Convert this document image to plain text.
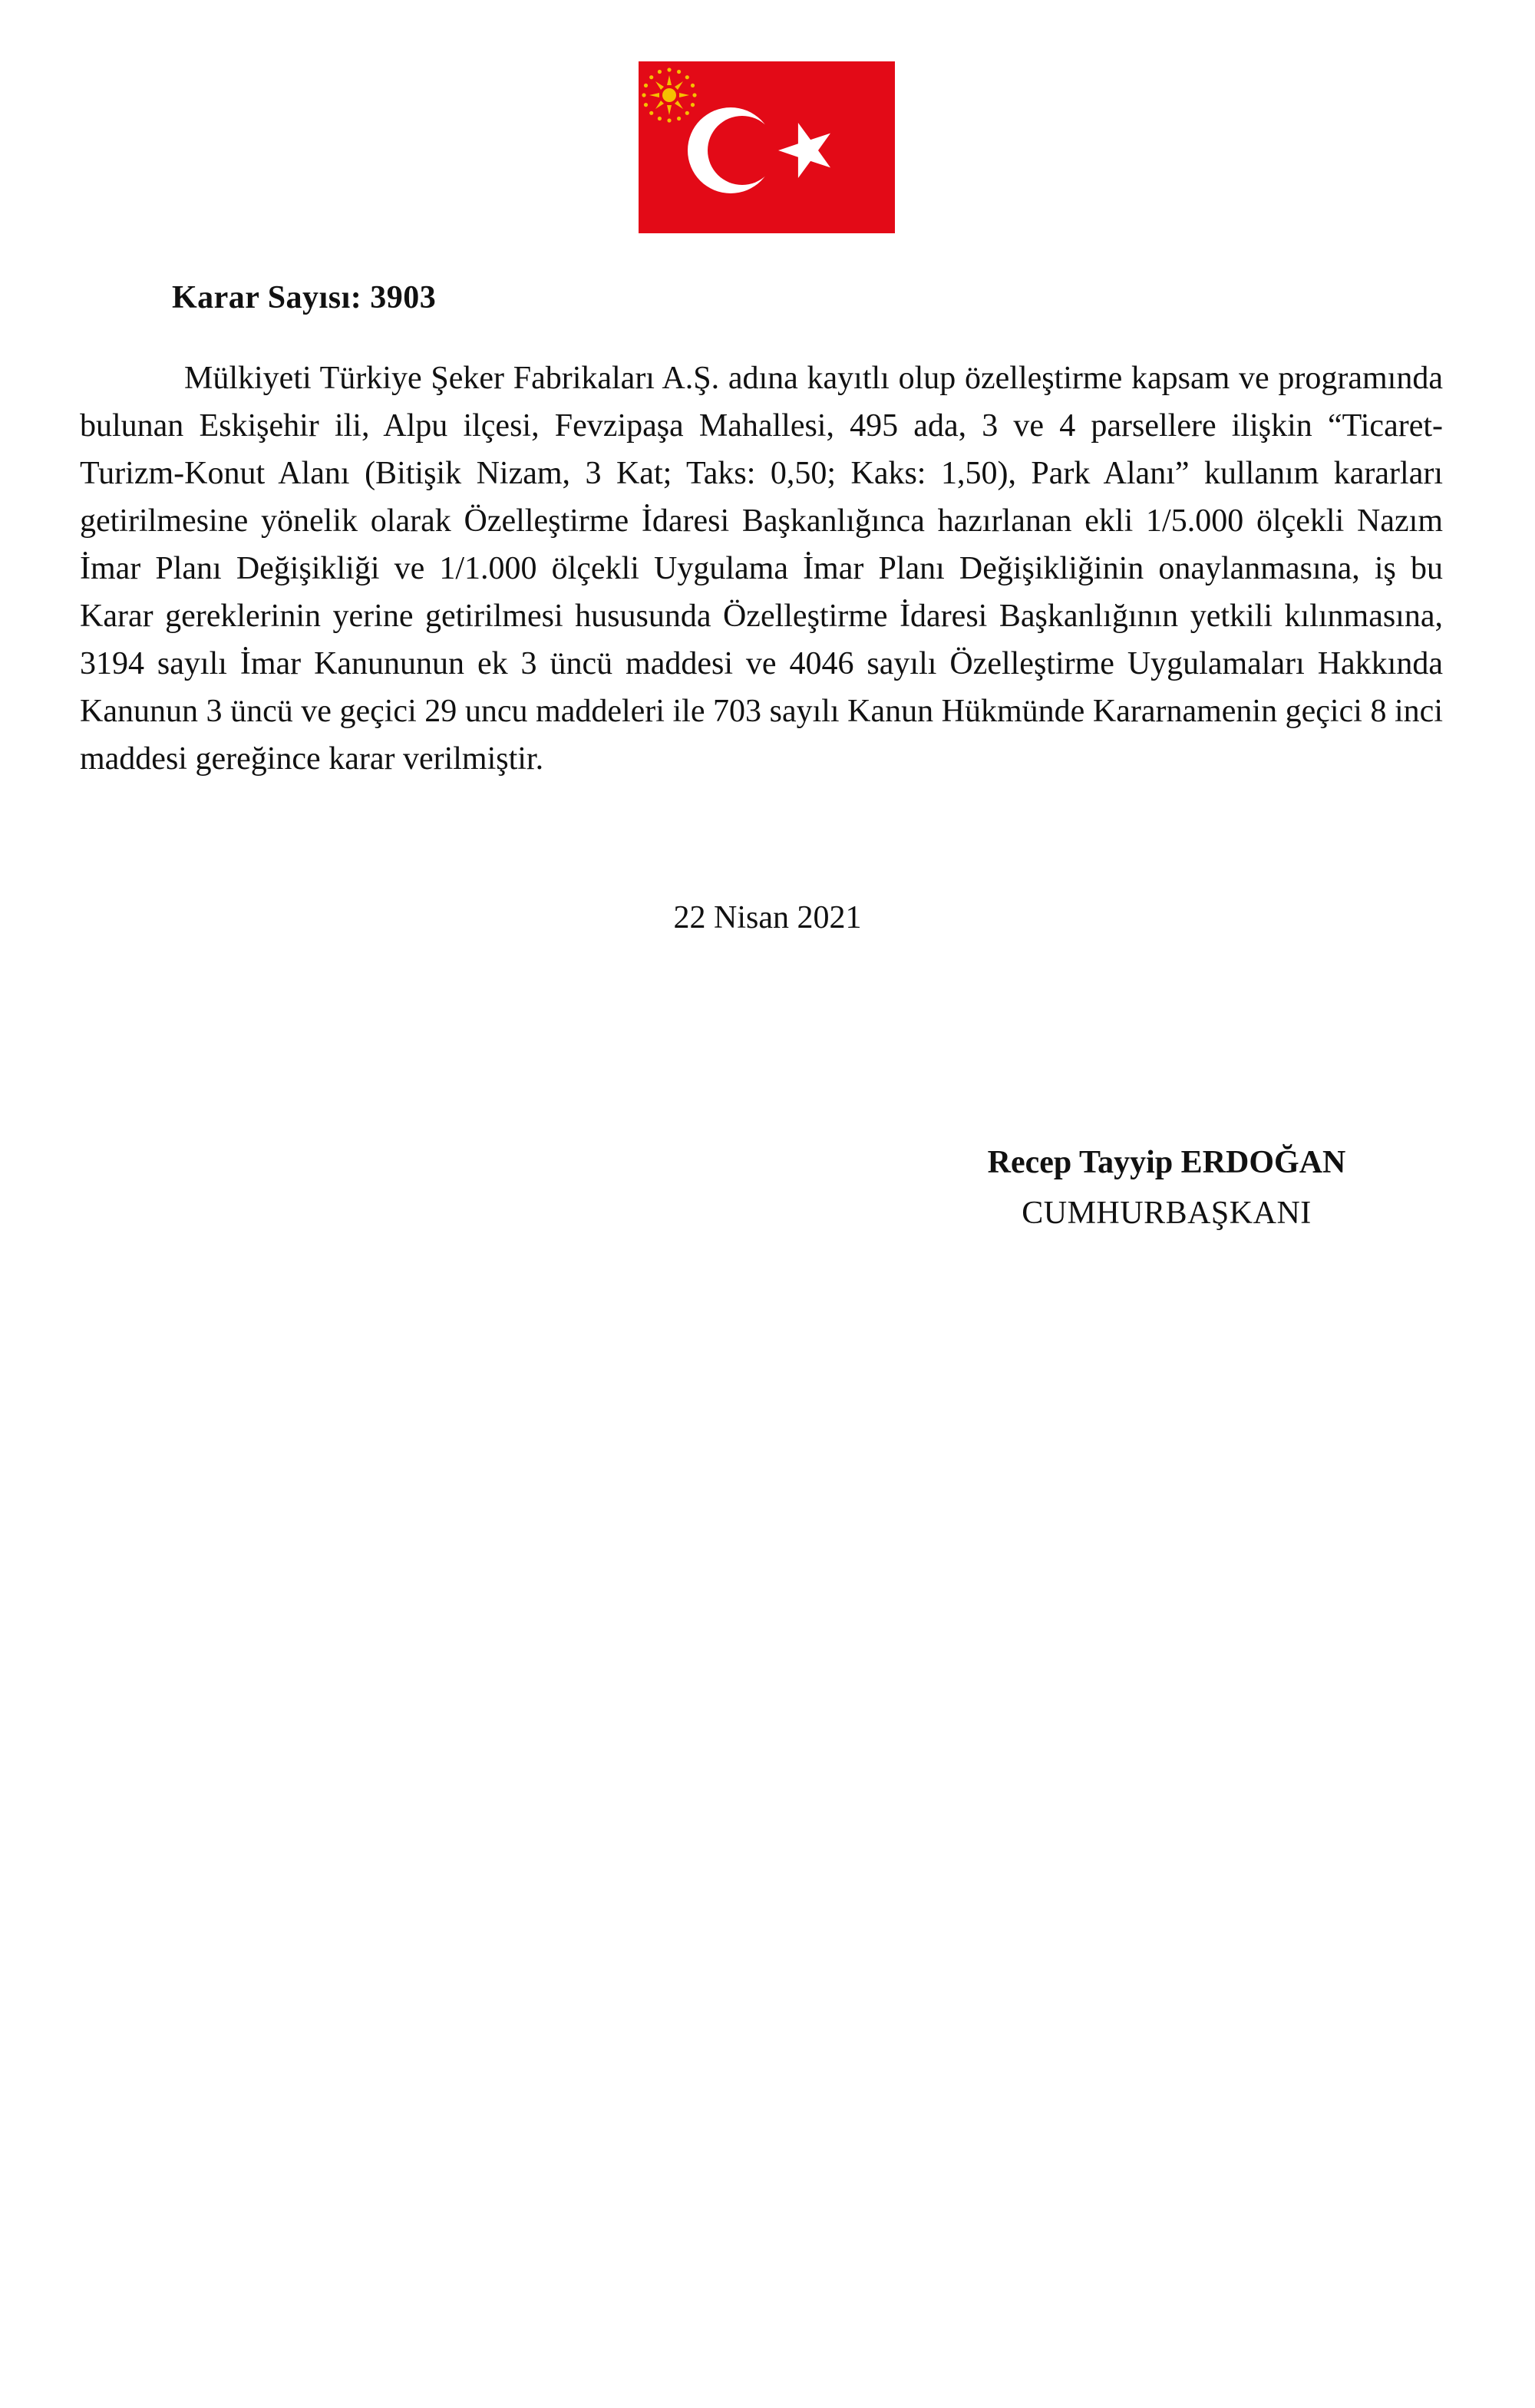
Karar Sayısı: 3903

Mülkiyeti Türkiye Şeker Fabrikaları A.Ş. adına kayıtlı olup özelleştirme kapsam ve programında bulunan Eskişehir ili, Alpu ilçesi, Fevzipaşa Mahallesi, 495 ada, 3 ve 4 parsellere ilişkin “Ticaret-Turizm-Konut Alanı (Bitişik Nizam, 3 Kat; Taks: 0,50; Kaks: 1,50), Park Alanı” kullanım kararları getirilmesine yönelik olarak Özelleştirme İdaresi Başkanlığınca hazırlanan ekli 1/5.000 ölçekli Nazım İmar Planı Değişikliği ve 1/1.000 ölçekli Uygulama İmar Planı Değişikliğinin onaylanmasına, iş bu Karar gereklerinin yerine getirilmesi hususunda Özelleştirme İdaresi Başkanlığının yetkili kılınmasına, 3194 sayılı İmar Kanununun ek 3 üncü maddesi ve 4046 sayılı Özelleştirme Uygulamaları Hakkında Kanunun 3 üncü ve geçici 29 uncu maddeleri ile 703 sayılı Kanun Hükmünde Kararnamenin geçici 8 inci maddesi gereğince karar verilmiştir.

22 Nisan 2021
Recep Tayyip ERDOĞAN
CUMHURBAŞKANI
